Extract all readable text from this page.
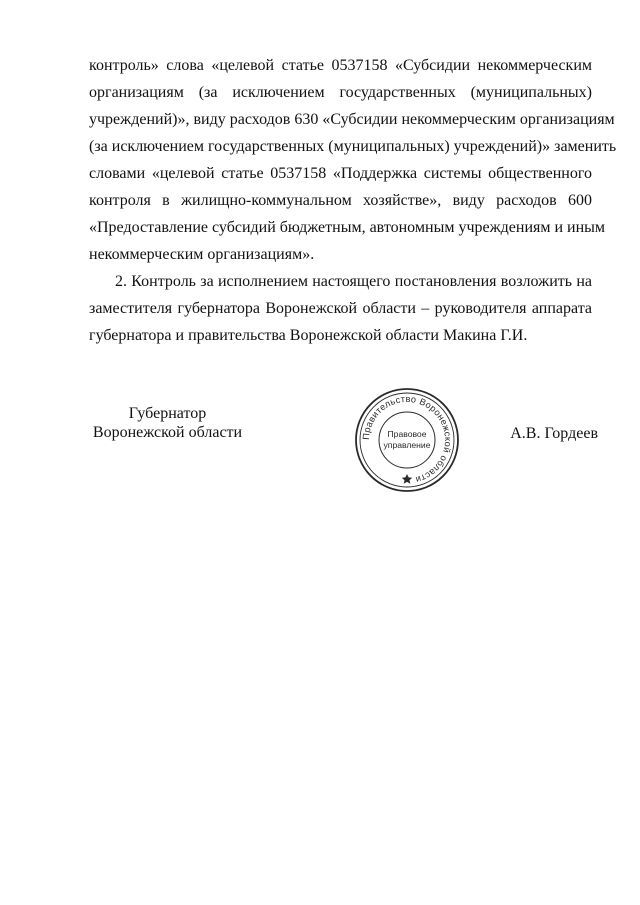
контроль» слова «целевой статье 0537158 «Субсидии некоммерческим
организациям (за исключением государственных (муниципальных)
учреждений)», виду расходов 630 «Субсидии некоммерческим организациям
(за исключением государственных (муниципальных) учреждений)» заменить
словами «целевой статье 0537158 «Поддержка системы общественного
контроля в жилищно-коммунальном хозяйстве», виду расходов 600
«Предоставление субсидий бюджетным, автономным учреждениям и иным
некоммерческим организациям».
2. Контроль за исполнением настоящего постановления возложить на
заместителя губернатора Воронежской области – руководителя аппарата
губернатора и правительства Воронежской области Макина Г.И.
Губернатор
Воронежской области	Правительство Воронежской области
Правовое
управление
А.В. Гордеев
